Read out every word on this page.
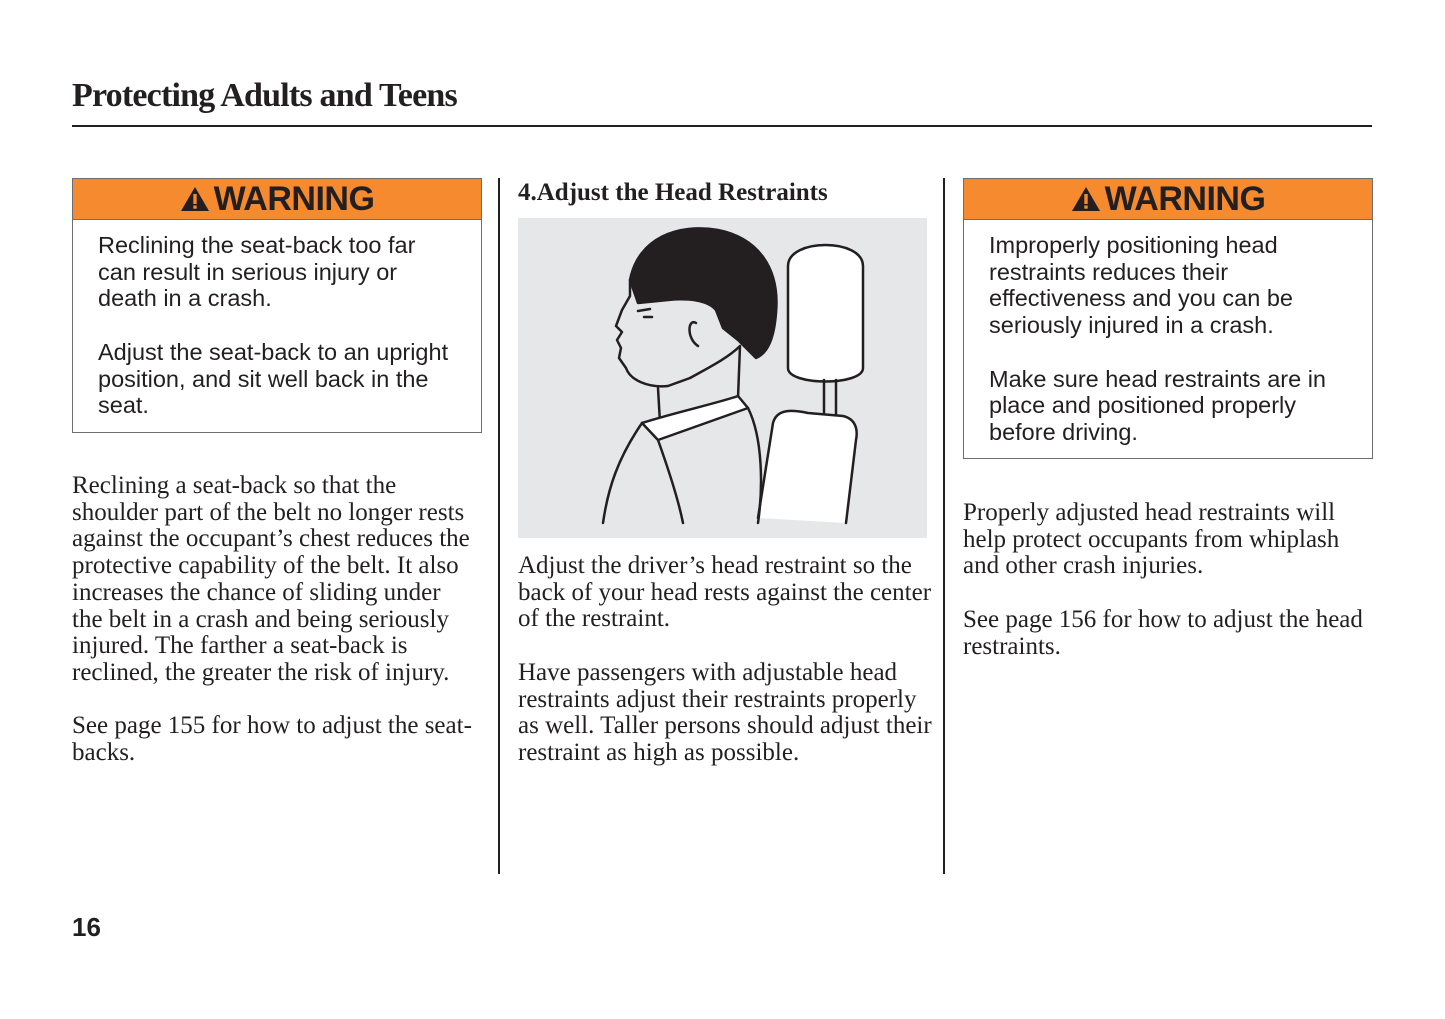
Protecting Adults and Teens
WARNING

Reclining the seat-back too far can result in serious injury or death in a crash.

Adjust the seat-back to an upright position, and sit well back in the seat.

Reclining a seat-back so that the shoulder part of the belt no longer rests against the occupant’s chest reduces the protective capability of the belt. It also increases the chance of sliding under the belt in a crash and being seriously injured. The farther a seat-back is reclined, the greater the risk of injury.

See page 155 for how to adjust the seat-backs.

4.Adjust the Head Restraints

Adjust the driver’s head restraint so the back of your head rests against the center of the restraint.

Have passengers with adjustable head restraints adjust their restraints properly as well. Taller persons should adjust their restraint as high as possible.

WARNING

Improperly positioning head restraints reduces their effectiveness and you can be seriously injured in a crash.

Make sure head restraints are in place and positioned properly before driving.

Properly adjusted head restraints will help protect occupants from whiplash and other crash injuries.

See page 156 for how to adjust the head restraints.

16
